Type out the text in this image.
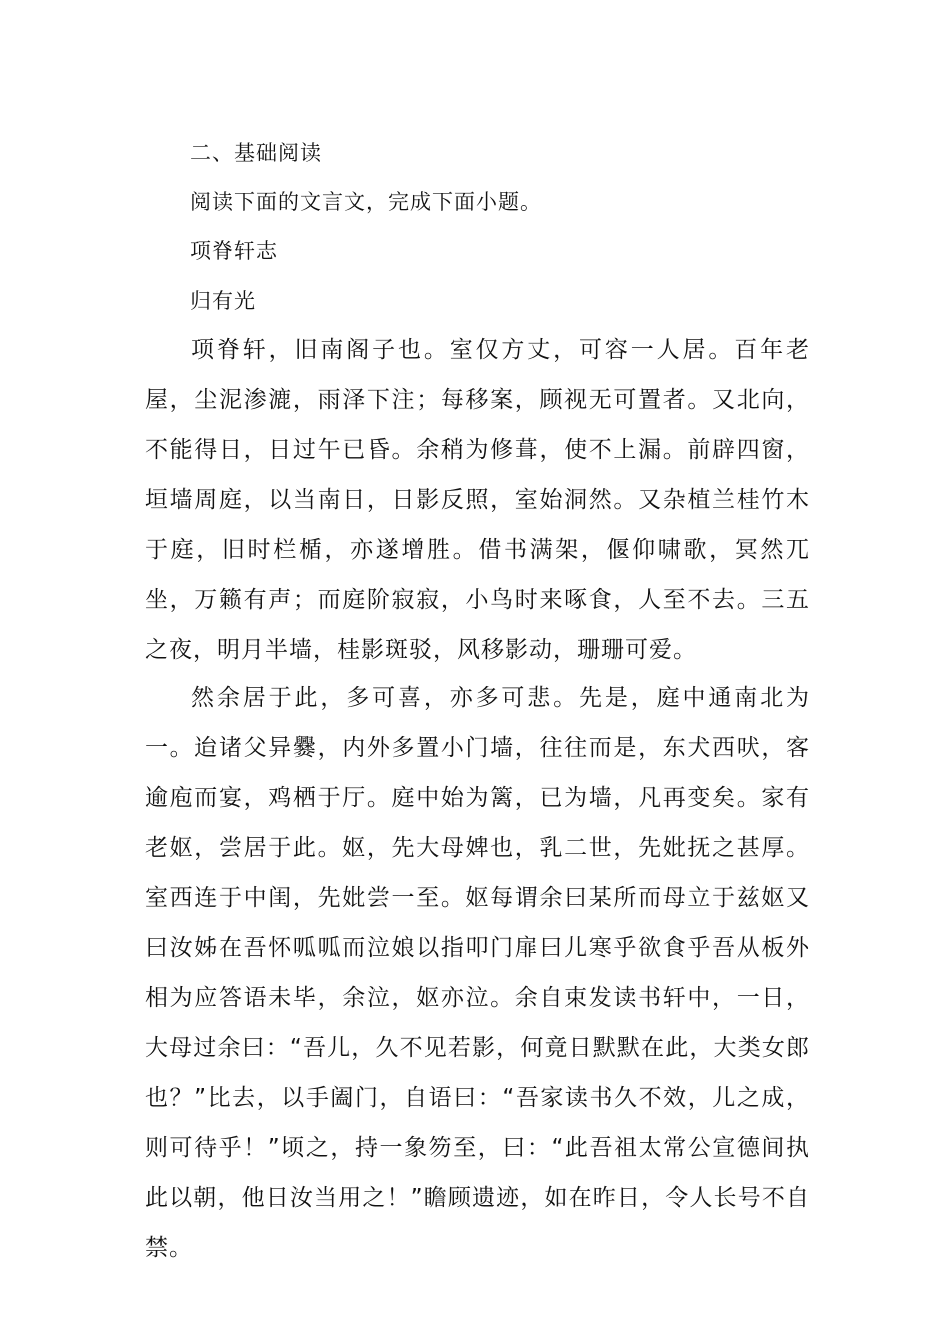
二、基础阅读
阅读下面的文言文，完成下面小题。
项脊轩志
归有光

项脊轩，旧南阁子也。室仅方丈，可容一人居。百年老屋，尘泥渗漉，雨泽下注；每移案，顾视无可置者。又北向，不能得日，日过午已昏。余稍为修葺，使不上漏。前辟四窗，垣墙周庭，以当南日，日影反照，室始洞然。又杂植兰桂竹木于庭，旧时栏楯，亦遂增胜。借书满架，偃仰啸歌，冥然兀坐，万籁有声；而庭阶寂寂，小鸟时来啄食，人至不去。三五之夜，明月半墙，桂影斑驳，风移影动，珊珊可爱。

然余居于此，多可喜，亦多可悲。先是，庭中通南北为一。迨诸父异爨，内外多置小门墙，往往而是，东犬西吠，客逾庖而宴，鸡栖于厅。庭中始为篱，已为墙，凡再变矣。家有老妪，尝居于此。妪，先大母婢也，乳二世，先妣抚之甚厚。室西连于中闺，先妣尝一至。妪每谓余曰某所而母立于兹妪又曰汝姊在吾怀呱呱而泣娘以指叩门扉曰儿寒乎欲食乎吾从板外相为应答语未毕，余泣，妪亦泣。余自束发读书轩中，一日，大母过余曰：“吾儿，久不见若影，何竟日默默在此，大类女郎也？”比去，以手阖门，自语曰：“吾家读书久不效，儿之成，则可待乎！”顷之，持一象笏至，曰：“此吾祖太常公宣德间执此以朝，他日汝当用之！”瞻顾遗迹，如在昨日，令人长号不自禁。
